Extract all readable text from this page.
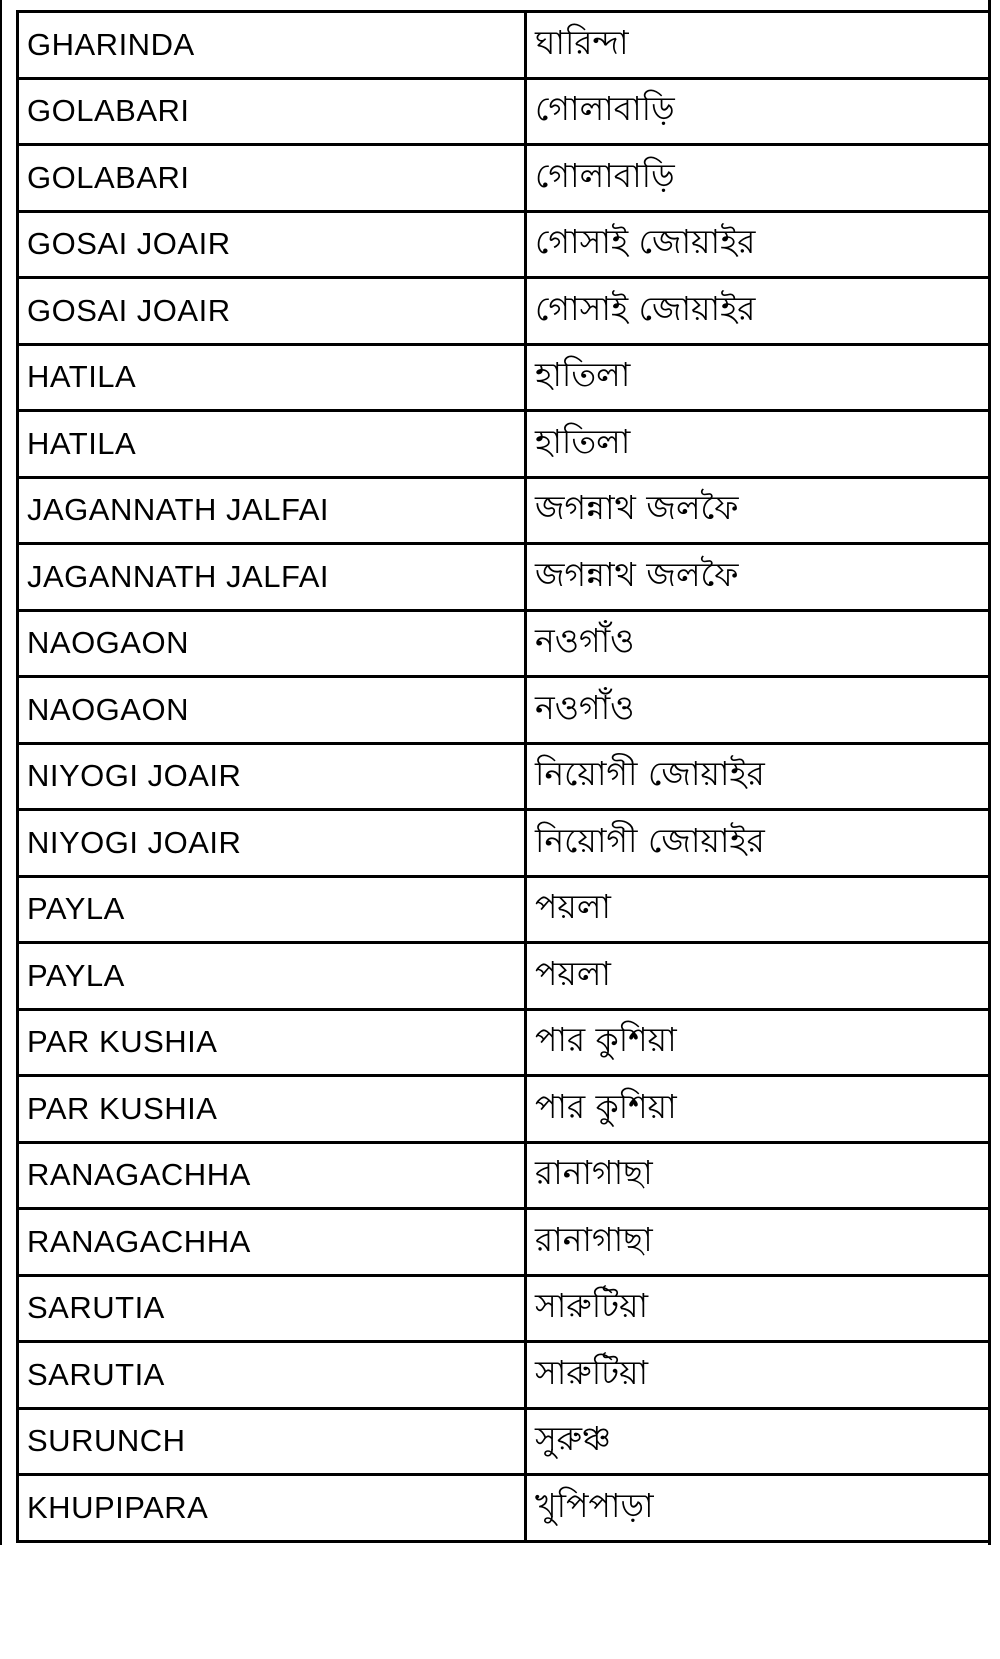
GHARINDA	ঘারিন্দা
GOLABARI	গোলাবাড়ি
GOLABARI	গোলাবাড়ি
GOSAI JOAIR	গোসাই জোয়াইর
GOSAI JOAIR	গোসাই জোয়াইর
HATILA	হাতিলা
HATILA	হাতিলা
JAGANNATH JALFAI	জগন্নাথ জলফৈ
JAGANNATH JALFAI	জগন্নাথ জলফৈ
NAOGAON	নওগাঁও
NAOGAON	নওগাঁও
NIYOGI JOAIR	নিয়োগী জোয়াইর
NIYOGI JOAIR	নিয়োগী জোয়াইর
PAYLA	পয়লা
PAYLA	পয়লা
PAR KUSHIA	পার কুশিয়া
PAR KUSHIA	পার কুশিয়া
RANAGACHHA	রানাগাছা
RANAGACHHA	রানাগাছা
SARUTIA	সারুটিয়া
SARUTIA	সারুটিয়া
SURUNCH	সুরুঞ্চ
KHUPIPARA	খুপিপাড়া
